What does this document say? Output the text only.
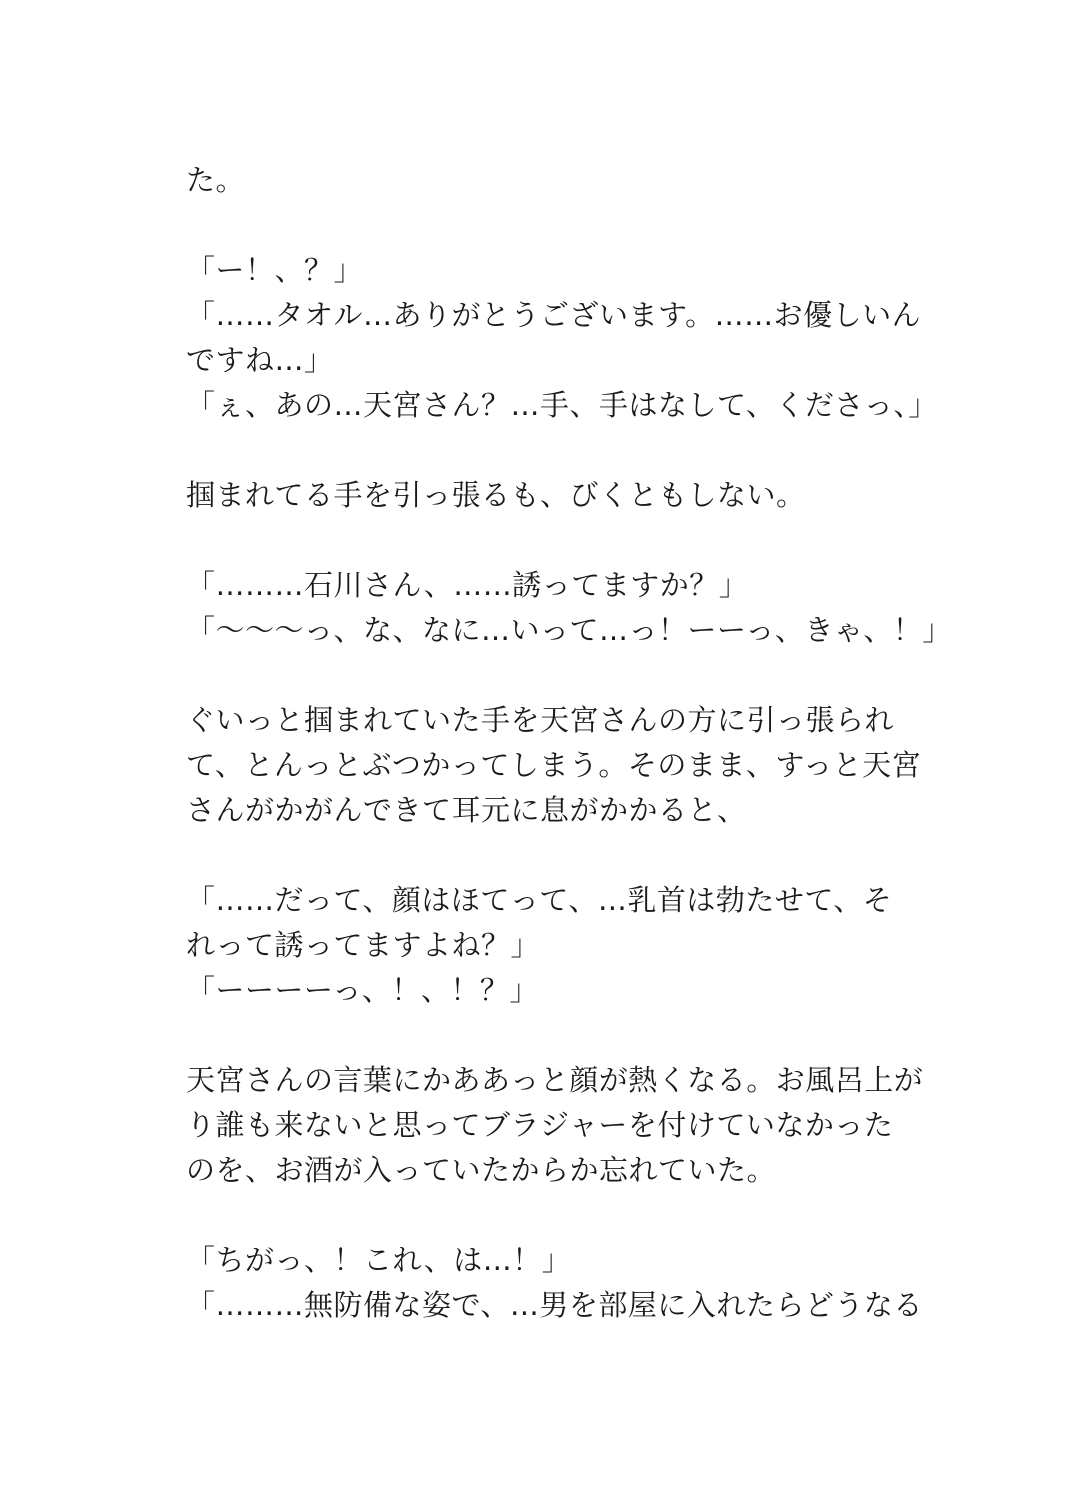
た。
「ー！、？」
「……タオル…ありがとうございます。……お優しいん
ですね…」
「ぇ、あの…天宮さん？…手、手はなして、くださっ、」
掴まれてる手を引っ張るも、びくともしない。
「………石川さん、……誘ってますか？」
「〜〜〜っ、な、なに…いって…っ！ーーっ、きゃ、！」
ぐいっと掴まれていた手を天宮さんの方に引っ張られ
て、とんっとぶつかってしまう。そのまま、すっと天宮
さんがかがんできて耳元に息がかかると、
「……だって、顔はほてって、…乳首は勃たせて、そ
れって誘ってますよね？」
「ーーーーっ、！、！？」
天宮さんの言葉にかああっと顔が熱くなる。お風呂上が
り誰も来ないと思ってブラジャーを付けていなかった
のを、お酒が入っていたからか忘れていた。
「ちがっ、！これ、は…！」
「………無防備な姿で、…男を部屋に入れたらどうなる
